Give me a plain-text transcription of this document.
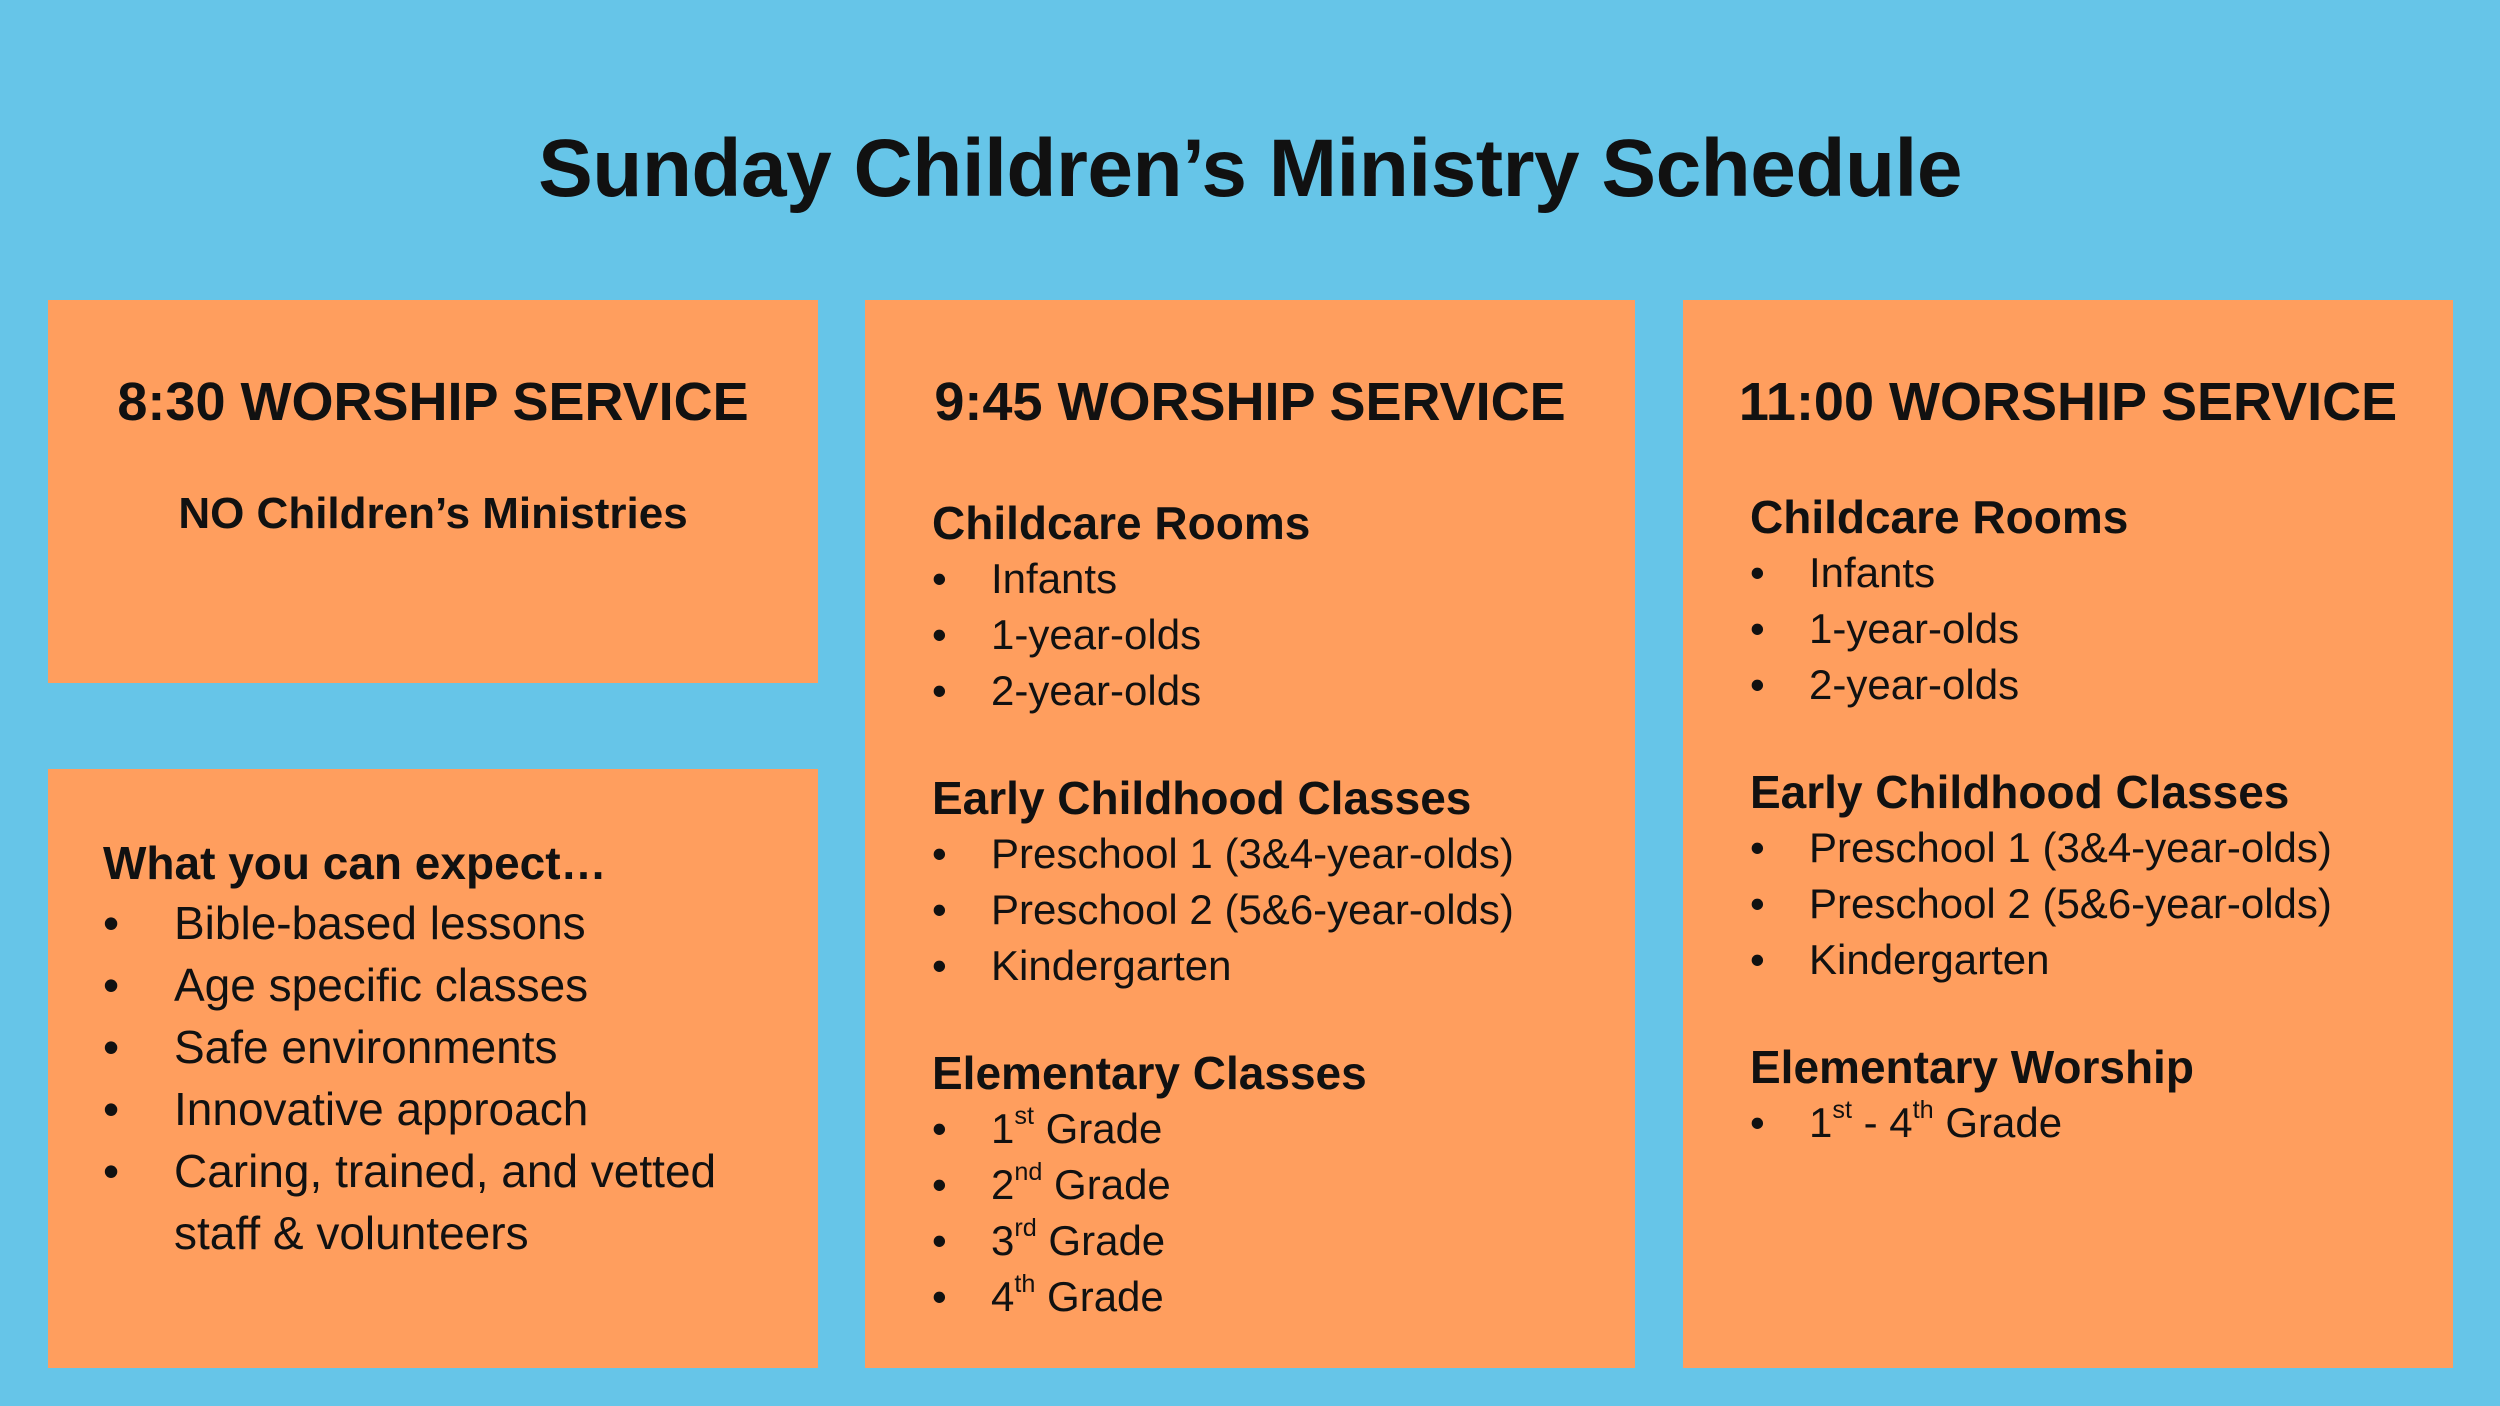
Sunday Children’s Ministry Schedule
8:30 WORSHIP SERVICE
NO Children’s Ministries

What you can expect…

• Bible-based lessons
• Age specific classes
• Safe environments
• Innovative approach
• Caring, trained, and vetted staff & volunteers
9:45 WORSHIP SERVICE

Childcare Rooms

• Infants
• 1-year-olds
• 2-year-olds

Early Childhood Classes

• Preschool 1 (3&4-year-olds)
• Preschool 2 (5&6-year-olds)
• Kindergarten

Elementary Classes

• 1st Grade
• 2nd Grade
• 3rd Grade
• 4th Grade
11:00 WORSHIP SERVICE

Childcare Rooms

• Infants
• 1-year-olds
• 2-year-olds

Early Childhood Classes

• Preschool 1 (3&4-year-olds)
• Preschool 2 (5&6-year-olds)
• Kindergarten

Elementary Worship

• 1st - 4th Grade
